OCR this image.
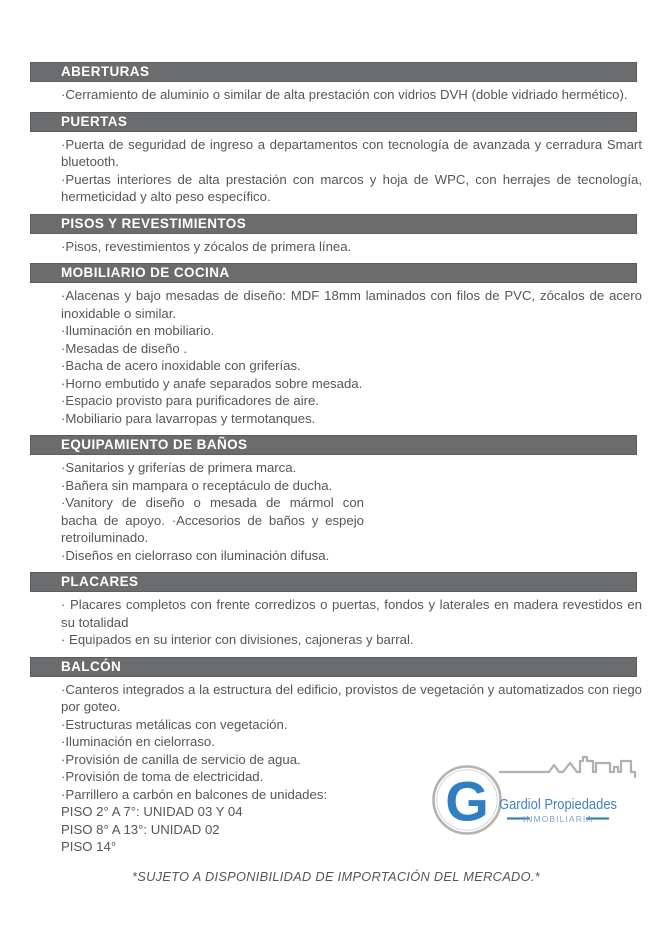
ABERTURAS

·Cerramiento de aluminio o similar de alta prestación con vidrios DVH (doble vidriado hermético).

PUERTAS

·Puerta de seguridad de ingreso a departamentos con tecnología de avanzada y cerradura Smart bluetooth.

·Puertas interiores de alta prestación con marcos y hoja de WPC, con herrajes de tecnología, hermeticidad y alto peso específico.

PISOS Y REVESTIMIENTOS

·Pisos, revestimientos y zócalos de primera línea.

MOBILIARIO DE COCINA

·Alacenas y bajo mesadas de diseño: MDF 18mm laminados con filos de PVC, zócalos de acero inoxidable o similar.

·Iluminación en mobiliario.

·Mesadas de diseño .

·Bacha de acero inoxidable con griferías.

·Horno embutido y anafe separados sobre mesada.

·Espacio provisto para purificadores de aire.

·Mobiliario para lavarropas y termotanques.

EQUIPAMIENTO DE BAÑOS

·Sanitarios y griferías de primera marca.

·Bañera sin mampara o receptáculo de ducha.

·Vanitory de diseño o mesada de mármol con bacha de apoyo. ·Accesorios de baños y espejo retroiluminado.

·Diseños en cielorraso con iluminación difusa.

PLACARES

· Placares completos con frente corredizos o puertas, fondos y laterales en madera revestidos en su totalidad

· Equipados en su interior con divisiones, cajoneras y barral.

BALCÓN

·Canteros integrados a la estructura del edificio, provistos de vegetación y automatizados con riego por goteo.

·Estructuras metálicas con vegetación.

·Iluminación en cielorraso.

·Provisión de canilla de servicio de agua.

·Provisión de toma de electricidad.

·Parrillero a carbón en balcones de unidades:

PISO 2° A 7°: UNIDAD 03 Y 04

PISO 8° A 13°: UNIDAD 02

PISO 14°

G Gardiol Propiedades
INMOBILIARIA
*SUJETO A DISPONIBILIDAD DE IMPORTACIÓN DEL MERCADO.*
